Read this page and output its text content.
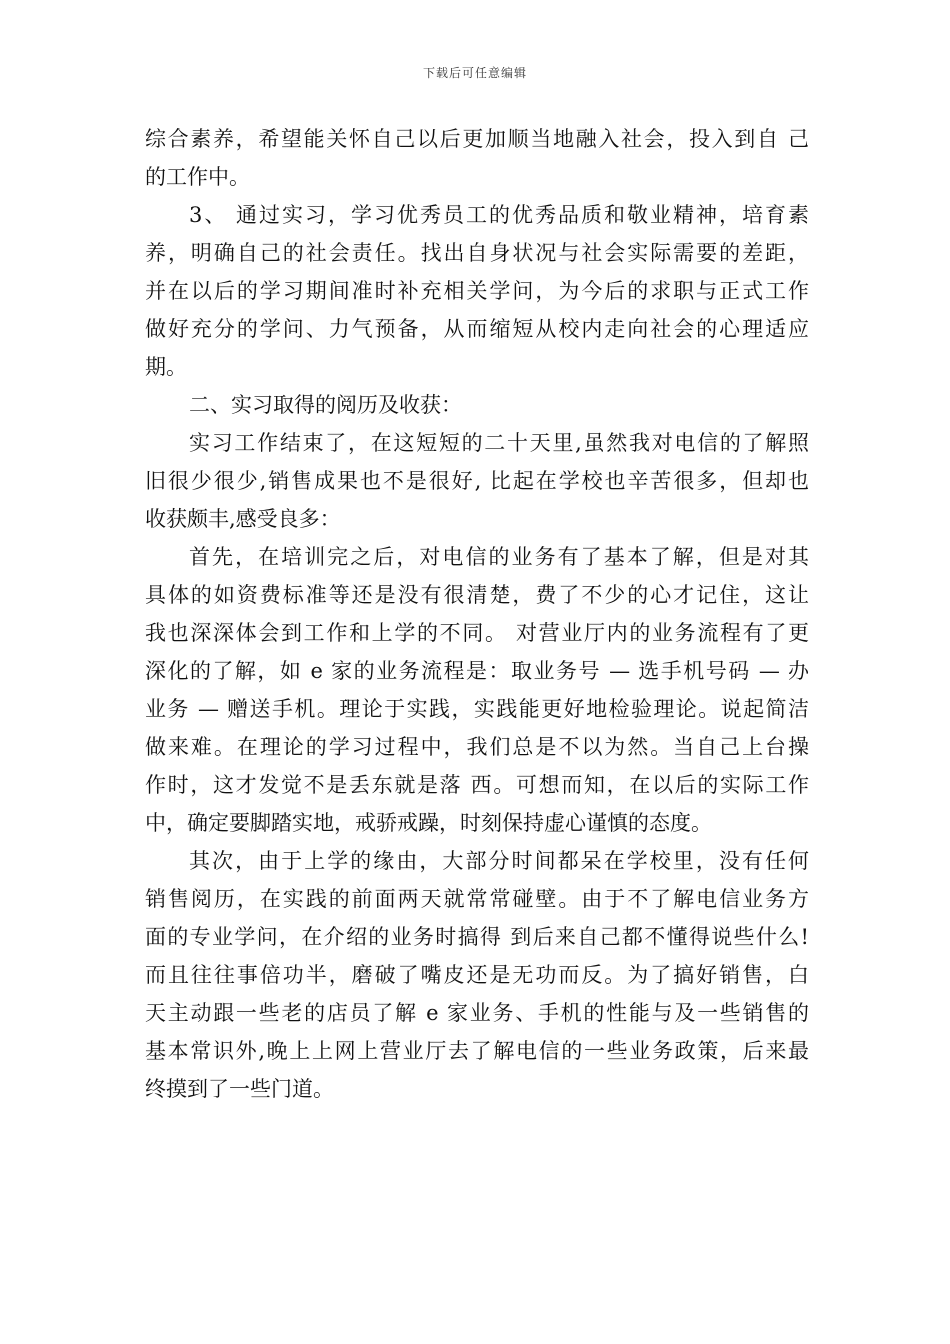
下载后可任意编辑
综合素养，希望能关怀自己以后更加顺当地融入社会，投入到自 己
的工作中。
3、 通过实习，学习优秀员工的优秀品质和敬业精神，培育素
养，明确自己的社会责任。找出自身状况与社会实际需要的差距，
并在以后的学习期间准时补充相关学问，为今后的求职与正式工作
做好充分的学问、力气预备，从而缩短从校内走向社会的心理适应
期。
二、实习取得的阅历及收获：
实习工作结束了，在这短短的二十天里,虽然我对电信的了解照
旧很少很少,销售成果也不是很好, 比起在学校也辛苦很多，但却也
收获颇丰,感受良多：
首先，在培训完之后，对电信的业务有了基本了解，但是对其
具体的如资费标准等还是没有很清楚，费了不少的心才记住，这让
我也深深体会到工作和上学的不同。 对营业厅内的业务流程有了更
深化的了解，如 e 家的业务流程是：取业务号 — 选手机号码 — 办
业务 — 赠送手机。理论于实践，实践能更好地检验理论。说起简洁
做来难。在理论的学习过程中，我们总是不以为然。当自己上台操
作时，这才发觉不是丢东就是落 西。可想而知，在以后的实际工作
中，确定要脚踏实地，戒骄戒躁，时刻保持虚心谨慎的态度。
其次，由于上学的缘由，大部分时间都呆在学校里，没有任何
销售阅历，在实践的前面两天就常常碰壁。由于不了解电信业务方
面的专业学问，在介绍的业务时搞得 到后来自己都不懂得说些什么!
而且往往事倍功半，磨破了嘴皮还是无功而反。为了搞好销售，白
天主动跟一些老的店员了解 e 家业务、手机的性能与及一些销售的
基本常识外,晚上上网上营业厅去了解电信的一些业务政策，后来最
终摸到了一些门道。
